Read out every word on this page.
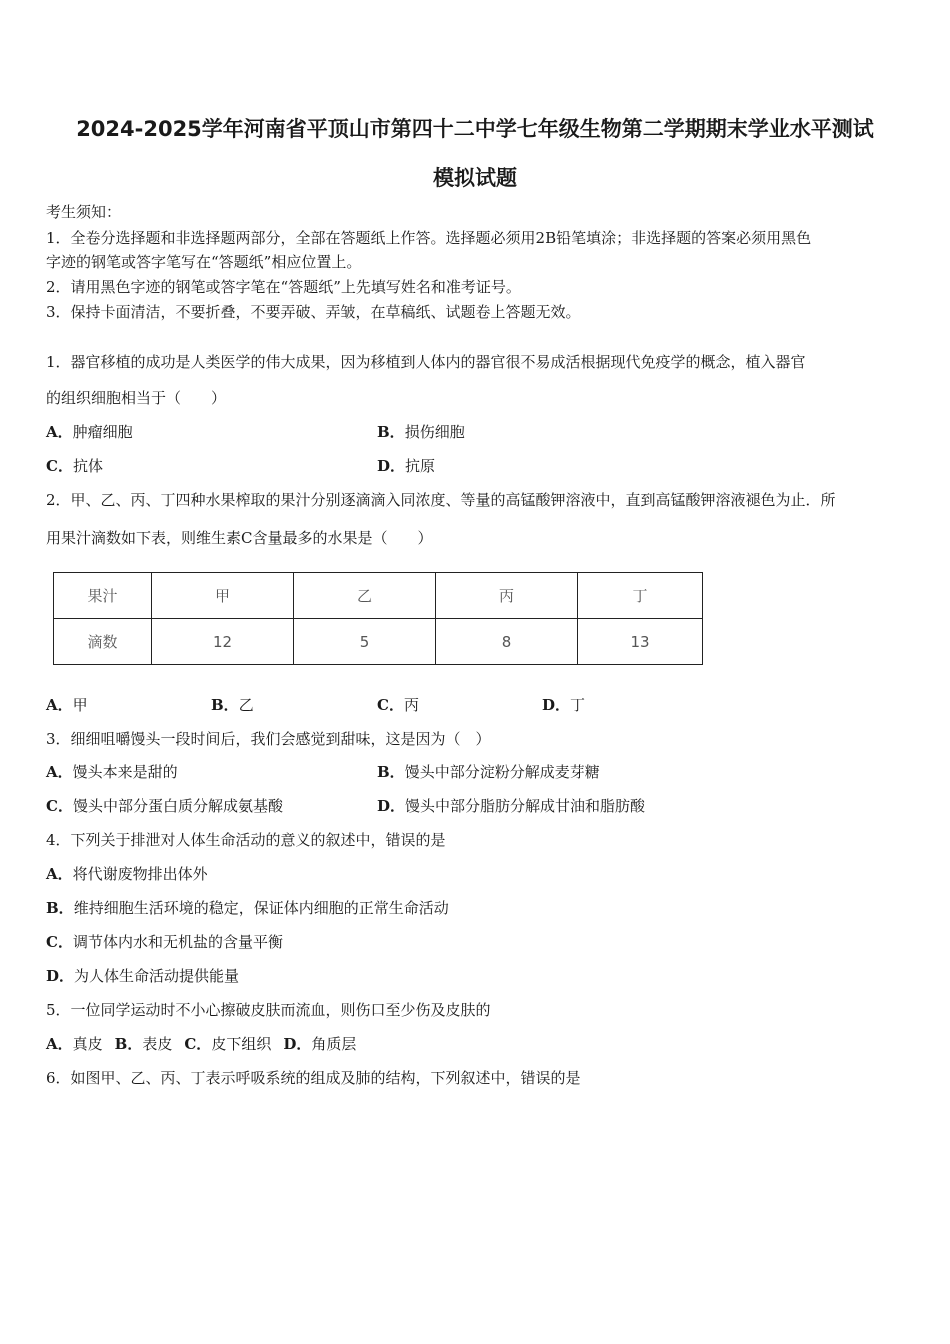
2024-2025学年河南省平顶山市第四十二中学七年级生物第二学期期末学业水平测试
模拟试题
考生须知：
1．全卷分选择题和非选择题两部分，全部在答题纸上作答。选择题必须用2B铅笔填涂；非选择题的答案必须用黑色
字迹的钢笔或答字笔写在“答题纸”相应位置上。
2．请用黑色字迹的钢笔或答字笔在“答题纸”上先填写姓名和准考证号。
3．保持卡面清洁，不要折叠，不要弄破、弄皱，在草稿纸、试题卷上答题无效。
1．器官移植的成功是人类医学的伟大成果，因为移植到人体内的器官很不易成活根据现代免疫学的概念，植入器官
的组织细胞相当于（　　）
A．肿瘤细胞	B．损伤细胞
C．抗体	D．抗原
2．甲、乙、丙、丁四种水果榨取的果汁分别逐滴滴入同浓度、等量的高锰酸钾溶液中，直到高锰酸钾溶液褪色为止．所
用果汁滴数如下表，则维生素C含量最多的水果是（　　）
果汁	甲	乙	丙	丁
滴数	12	5	8	13
A．甲	B．乙	C．丙	D．丁
3．细细咀嚼馒头一段时间后，我们会感觉到甜味，这是因为（　）
A．馒头本来是甜的	B．馒头中部分淀粉分解成麦芽糖
C．馒头中部分蛋白质分解成氨基酸	D．馒头中部分脂肪分解成甘油和脂肪酸
4．下列关于排泄对人体生命活动的意义的叙述中，错误的是
A．将代谢废物排出体外
B．维持细胞生活环境的稳定，保证体内细胞的正常生命活动
C．调节体内水和无机盐的含量平衡
D．为人体生命活动提供能量
5．一位同学运动时不小心擦破皮肤而流血，则伤口至少伤及皮肤的
A．真皮 B．表皮 C．皮下组织 D．角质层
6．如图甲、乙、丙、丁表示呼吸系统的组成及肺的结构，下列叙述中，错误的是
